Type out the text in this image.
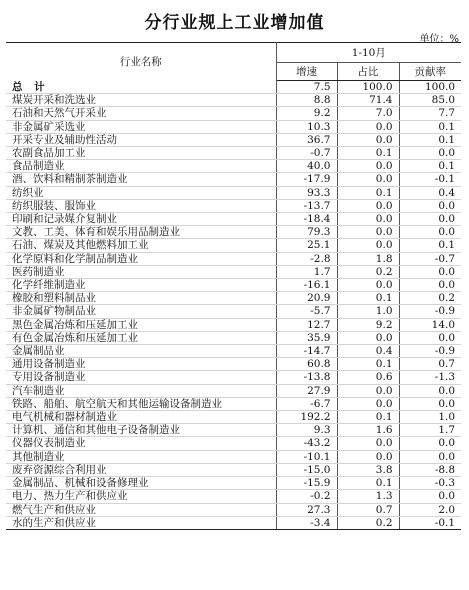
分行业规上工业增加值
单位：%
行业名称	1-10月		
	增速	占比	贡献率
总 计	7.5	100.0	100.0
煤炭开采和洗选业	8.8	71.4	85.0
石油和天然气开采业	9.2	7.0	7.7
非金属矿采选业	10.3	0.0	0.1
开采专业及辅助性活动	36.7	0.0	0.1
农副食品加工业	-0.7	0.1	0.0
食品制造业	40.0	0.0	0.1
酒、饮料和精制茶制造业	-17.9	0.0	-0.1
纺织业	93.3	0.1	0.4
纺织服装、服饰业	-13.7	0.0	0.0
印刷和记录媒介复制业	-18.4	0.0	0.0
文教、工美、体育和娱乐用品制造业	79.3	0.0	0.0
石油、煤炭及其他燃料加工业	25.1	0.0	0.1
化学原料和化学制品制造业	-2.8	1.8	-0.7
医药制造业	1.7	0.2	0.0
化学纤维制造业	-16.1	0.0	0.0
橡胶和塑料制品业	20.9	0.1	0.2
非金属矿物制品业	-5.7	1.0	-0.9
黑色金属冶炼和压延加工业	12.7	9.2	14.0
有色金属冶炼和压延加工业	35.9	0.0	0.0
金属制品业	-14.7	0.4	-0.9
通用设备制造业	60.8	0.1	0.7
专用设备制造业	-13.8	0.6	-1.3
汽车制造业	27.9	0.0	0.0
铁路、船舶、航空航天和其他运输设备制造业	-6.7	0.0	0.0
电气机械和器材制造业	192.2	0.1	1.0
计算机、通信和其他电子设备制造业	9.3	1.6	1.7
仪器仪表制造业	-43.2	0.0	0.0
其他制造业	-10.1	0.0	0.0
废弃资源综合利用业	-15.0	3.8	-8.8
金属制品、机械和设备修理业	-15.9	0.1	-0.3
电力、热力生产和供应业	-0.2	1.3	0.0
燃气生产和供应业	27.3	0.7	2.0
水的生产和供应业	-3.4	0.2	-0.1
